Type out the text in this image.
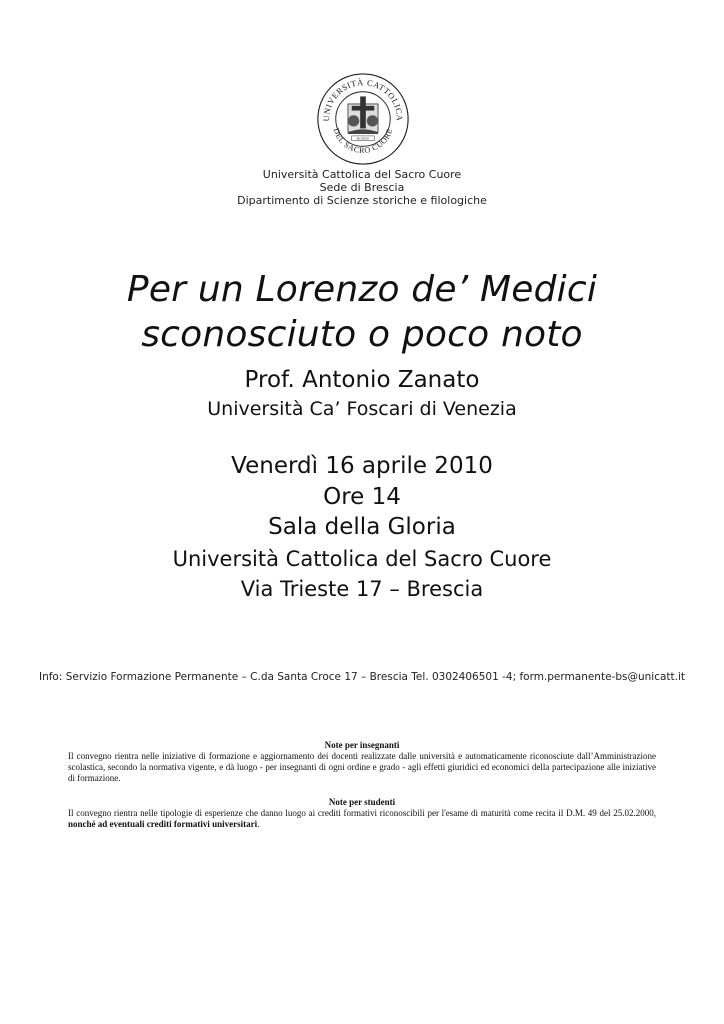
UNIVERSITÀ CATTOLICA
DEL SACRO CUORE
MCMXXI
Università Cattolica del Sacro Cuore
Sede di Brescia
Dipartimento di Scienze storiche e filologiche
Per un Lorenzo de’ Medici
sconosciuto o poco noto
Prof. Antonio Zanato
Università Ca’ Foscari di Venezia
Venerdì 16 aprile 2010
Ore 14
Sala della Gloria
Università Cattolica del Sacro Cuore
Via Trieste 17 – Brescia
Info: Servizio Formazione Permanente – C.da Santa Croce 17 – Brescia Tel. 0302406501 -4; form.permanente-bs@unicatt.it
Note per insegnanti
Il convegno rientra nelle iniziative di formazione e aggiornamento dei docenti realizzate dalle università e automaticamente riconosciute dall’Amministrazione scolastica, secondo la normativa vigente, e dà luogo - per insegnanti di ogni ordine e grado - agli effetti giuridici ed economici della partecipazione alle iniziative di formazione.
Note per studenti
Il convegno rientra nelle tipologie di esperienze che danno luogo ai crediti formativi riconoscibili per l'esame di maturità come recita il D.M. 49 del 25.02.2000, nonché ad eventuali crediti formativi universitari.
